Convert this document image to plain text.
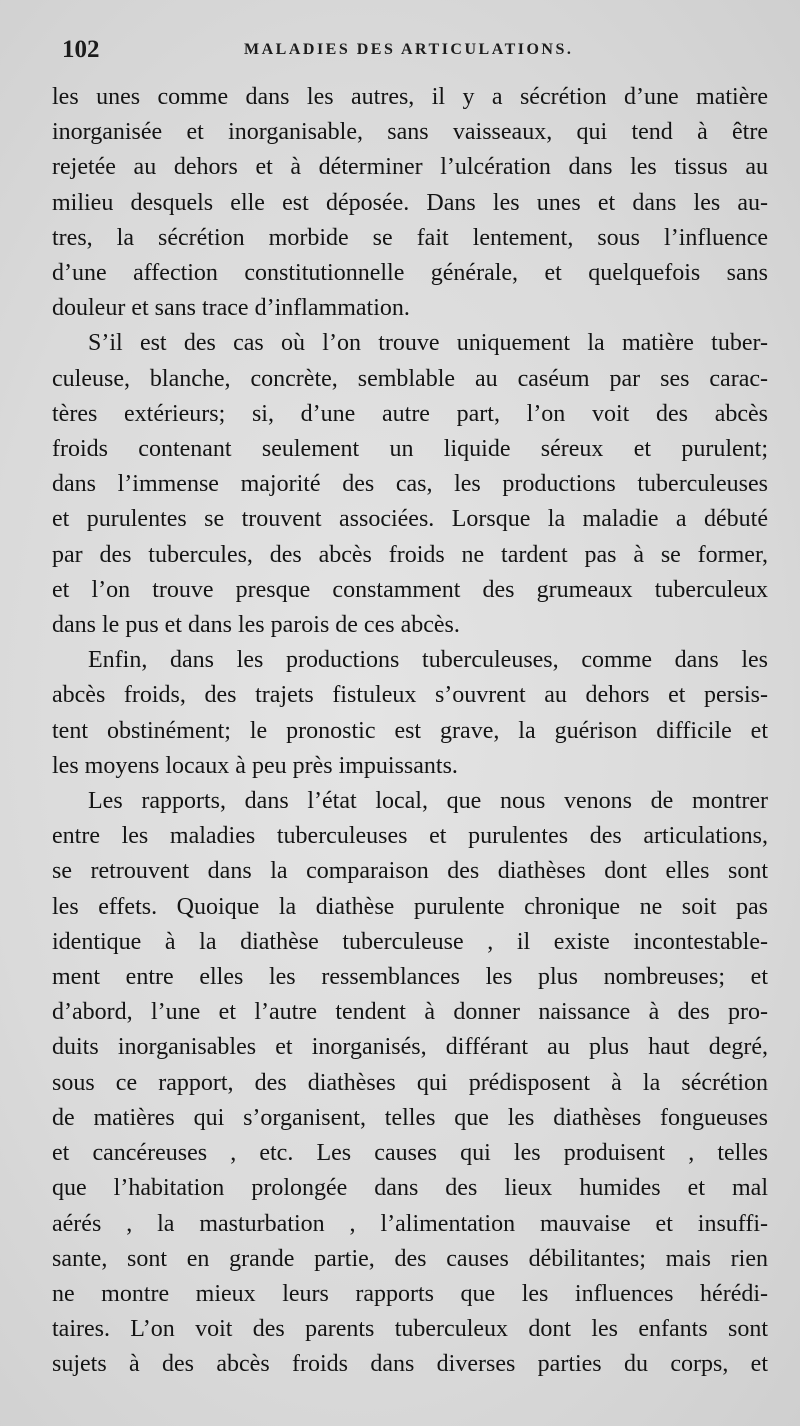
102	MALADIES DES ARTICULATIONS.

les unes comme dans les autres, il y a sécrétion d’une matière
inorganisée et inorganisable, sans vaisseaux, qui tend à être
rejetée au dehors et à déterminer l’ulcération dans les tissus au
milieu desquels elle est déposée. Dans les unes et dans les au-
tres, la sécrétion morbide se fait lentement, sous l’influence
d’une affection constitutionnelle générale, et quelquefois sans
douleur et sans trace d’inflammation.

S’il est des cas où l’on trouve uniquement la matière tuber-
culeuse, blanche, concrète, semblable au caséum par ses carac-
tères extérieurs; si, d’une autre part, l’on voit des abcès
froids contenant seulement un liquide séreux et purulent;
dans l’immense majorité des cas, les productions tuberculeuses
et purulentes se trouvent associées. Lorsque la maladie a débuté
par des tubercules, des abcès froids ne tardent pas à se former,
et l’on trouve presque constamment des grumeaux tuberculeux
dans le pus et dans les parois de ces abcès.

Enfin, dans les productions tuberculeuses, comme dans les
abcès froids, des trajets fistuleux s’ouvrent au dehors et persis-
tent obstinément; le pronostic est grave, la guérison difficile et
les moyens locaux à peu près impuissants.

Les rapports, dans l’état local, que nous venons de montrer
entre les maladies tuberculeuses et purulentes des articulations,
se retrouvent dans la comparaison des diathèses dont elles sont
les effets. Quoique la diathèse purulente chronique ne soit pas
identique à la diathèse tuberculeuse , il existe incontestable-
ment entre elles les ressemblances les plus nombreuses; et
d’abord, l’une et l’autre tendent à donner naissance à des pro-
duits inorganisables et inorganisés, différant au plus haut degré,
sous ce rapport, des diathèses qui prédisposent à la sécrétion
de matières qui s’organisent, telles que les diathèses fongueuses
et cancéreuses , etc. Les causes qui les produisent , telles
que l’habitation prolongée dans des lieux humides et mal
aérés , la masturbation , l’alimentation mauvaise et insuffi-
sante, sont en grande partie, des causes débilitantes; mais rien
ne montre mieux leurs rapports que les influences hérédi-
taires. L’on voit des parents tuberculeux dont les enfants sont
sujets à des abcès froids dans diverses parties du corps, et
